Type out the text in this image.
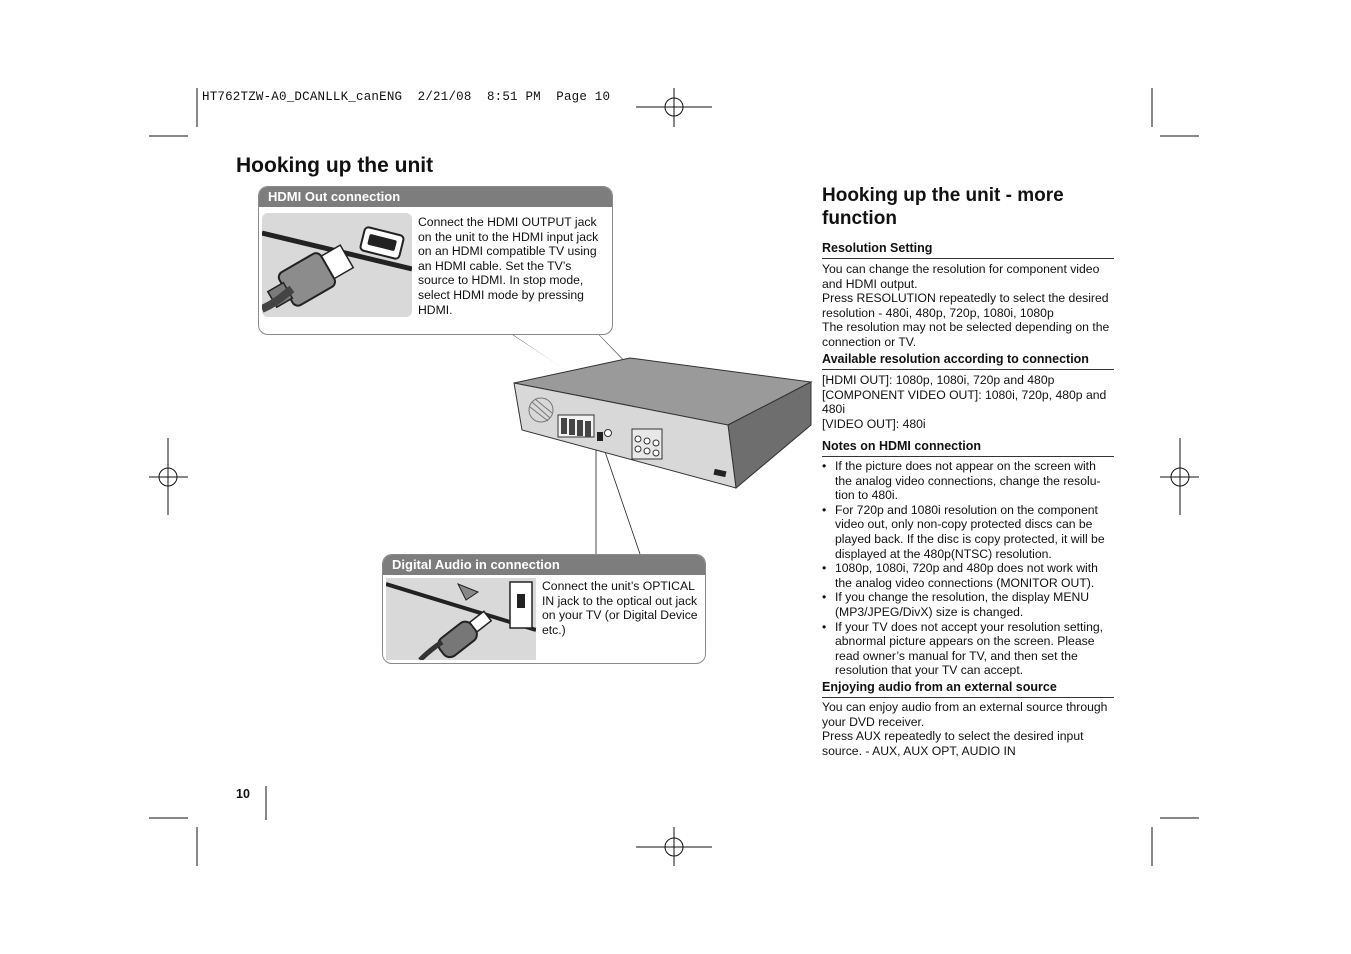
HT762TZW-A0_DCANLLK_canENG  2/21/08  8:51 PM  Page 10
Hooking up the unit
HDMI Out connection
Connect the HDMI OUTPUT jack on the unit to the HDMI input jack on an HDMI compatible TV using an HDMI cable. Set the TV’s source to HDMI. In stop mode, select HDMI mode by pressing HDMI.
Digital Audio in connection
Connect the unit’s OPTICAL IN jack to the optical out jack on your TV (or Digital Device etc.)
Hooking up the unit - more function
Resolution Setting
You can change the resolution for component video and HDMI output.
Press RESOLUTION repeatedly to select the desired resolution - 480i, 480p, 720p, 1080i, 1080p
The resolution may not be selected depending on the connection or TV.
Available resolution according to connection
[HDMI OUT]: 1080p, 1080i, 720p and 480p
[COMPONENT VIDEO OUT]: 1080i, 720p, 480p and 480i
[VIDEO OUT]: 480i
Notes on HDMI connection
• If the picture does not appear on the screen with the analog video connections, change the resolu- tion to 480i.
• For 720p and 1080i resolution on the component video out, only non-copy protected discs can be played back. If the disc is copy protected, it will be displayed at the 480p(NTSC) resolution.
• 1080p, 1080i, 720p and 480p does not work with the analog video connections (MONITOR OUT).
• If you change the resolution, the display MENU (MP3/JPEG/DivX) size is changed.
• If your TV does not accept your resolution setting, abnormal picture appears on the screen. Please read owner’s manual for TV, and then set the resolution that your TV can accept.
Enjoying audio from an external source
You can enjoy audio from an external source through your DVD receiver.
Press AUX repeatedly to select the desired input source. - AUX, AUX OPT, AUDIO IN
10
